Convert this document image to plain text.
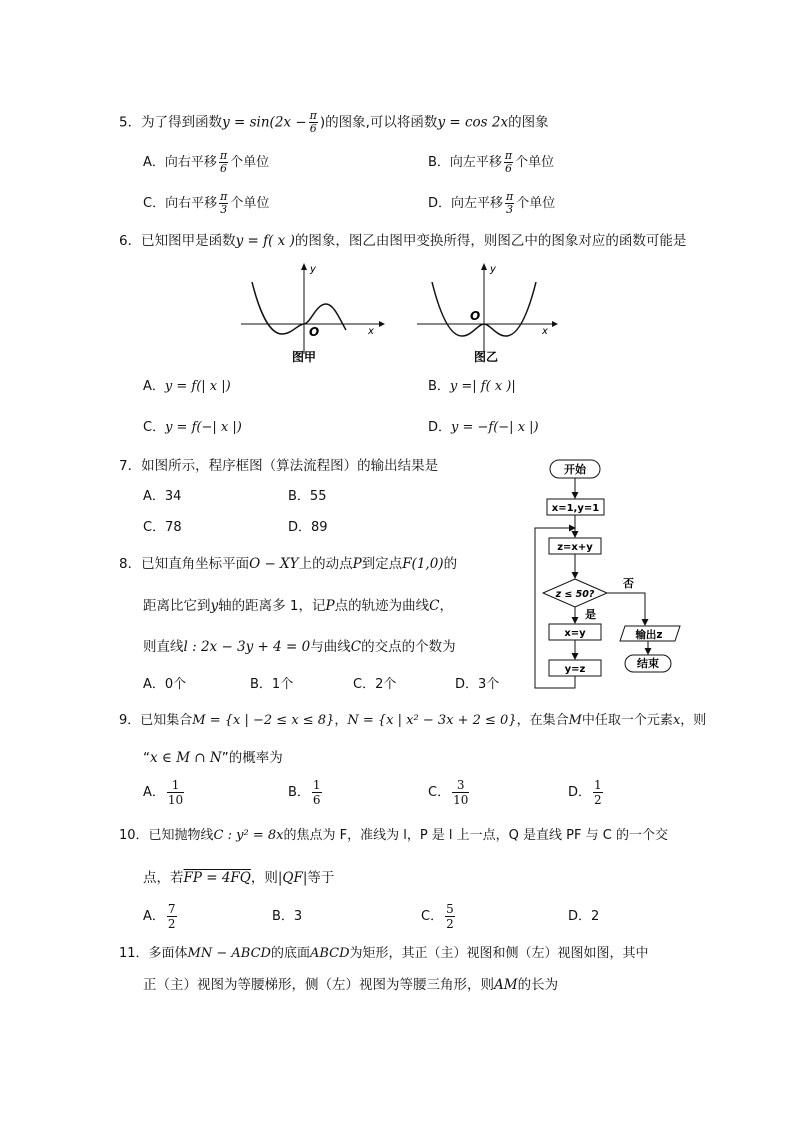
5．为了得到函数$y = \sin(2x - \frac{\pi}{6}$ )的图象,可以将函数y = cos 2x的图象
A．向右平移 $\frac{\pi}{6}$ 个单位	B．向左平移 $\frac{\pi}{6}$ 个单位
C．向右平移 $\frac{\pi}{3}$ 个单位	D．向左平移 $\frac{\pi}{3}$ 个单位
6．已知图甲是函数y = f( x )的图象，图乙由图甲变换所得，则图乙中的图象对应的函数可能是
O	x
y
图甲
O
x
y
图乙
A．y = f(| x |)	B．y =| f( x )|
C．y = f(−| x |)	D．y = −f(−| x |)
7．如图所示，程序框图（算法流程图）的输出结果是
A．34	B．55
C．78	D．89
开始
x=1,y=1
z=x+y
z ≤ 50?
否
输出z
结束
是
x=y
y=z
8．已知直角坐标平面O − XY上的动点P到定点F(1,0)的
距离比它到y轴的距离多 1，记P点的轨迹为曲线C，
则直线l : 2x − 3y + 4 = 0与曲线C的交点的个数为
A．0个	B．1个	C．2个	D．3个
9．已知集合M = {x | −2 ≤ x ≤ 8}，N = {x | x² − 3x + 2 ≤ 0}，在集合M中任取一个元素x，则
“x ∈ M ∩ N”的概率为
A． $\frac{1}{10}$	B． $\frac{1}{6}$	C． $\frac{3}{10}$	D． $\frac{1}{2}$
10．已知抛物线C : y² = 8x的焦点为 F，准线为 l，P 是 l 上一点，Q 是直线 PF 与 C 的一个交
点，若FP = 4FQ，则|QF|等于
A． $\frac{7}{2}$	B．3	C． $\frac{5}{2}$	D．2
11．多面体MN − ABCD的底面ABCD为矩形，其正（主）视图和侧（左）视图如图，其中
正（主）视图为等腰梯形，侧（左）视图为等腰三角形，则AM的长为
